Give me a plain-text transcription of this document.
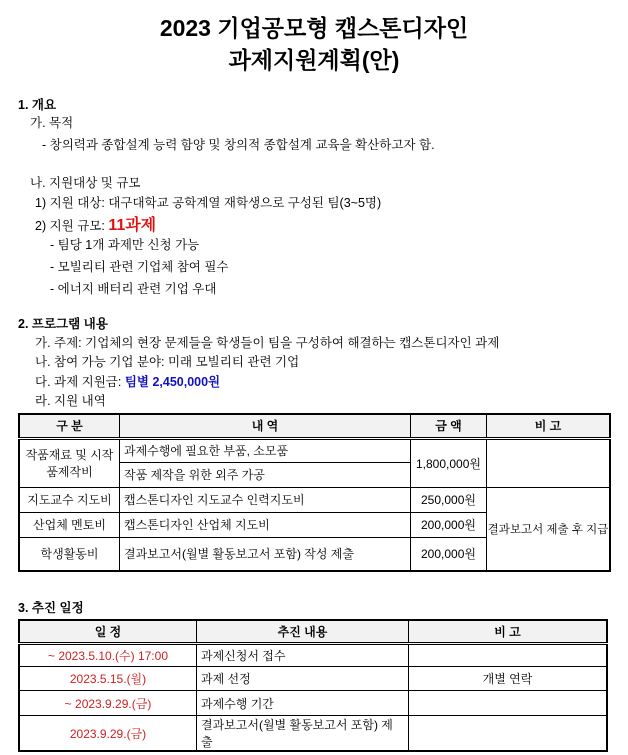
2023 기업공모형 캡스톤디자인
과제지원계획(안)
1. 개요
가. 목적
- 창의력과 종합설계 능력 함양 및 창의적 종합설계 교육을 확산하고자 함.
나. 지원대상 및 규모
1) 지원 대상: 대구대학교 공학계열 재학생으로 구성된 팀(3~5명)
2) 지원 규모: 11과제
- 팀당 1개 과제만 신청 가능
- 모빌리티 관련 기업체 참여 필수
- 에너지 배터리 관련 기업 우대
2. 프로그램 내용
가. 주제: 기업체의 현장 문제들을 학생들이 팀을 구성하여 해결하는 캡스톤디자인 과제
나. 참여 가능 기업 분야: 미래 모빌리티 관련 기업
다. 과제 지원금: 팀별 2,450,000원
라. 지원 내역
구 분	내 역	금 액	비 고
작품재료 및 시작품제작비	과제수행에 필요한 부품, 소모품	1,800,000원	
	작품 제작을 위한 외주 가공		
지도교수 지도비	캡스톤디자인 지도교수 인력지도비	250,000원	결과보고서 제출 후 지급
산업체 멘토비	캡스톤디자인 산업체 지도비	200,000원	
학생활동비	결과보고서(월별 활동보고서 포함) 작성 제출	200,000원	
3. 추진 일정
일 정	추진 내용	비 고
~ 2023.5.10.(수) 17:00	과제신청서 접수	
2023.5.15.(월)	과제 선정	개별 연락
~ 2023.9.29.(금)	과제수행 기간	
2023.9.29.(금)	결과보고서(월별 활동보고서 포함) 제출	
